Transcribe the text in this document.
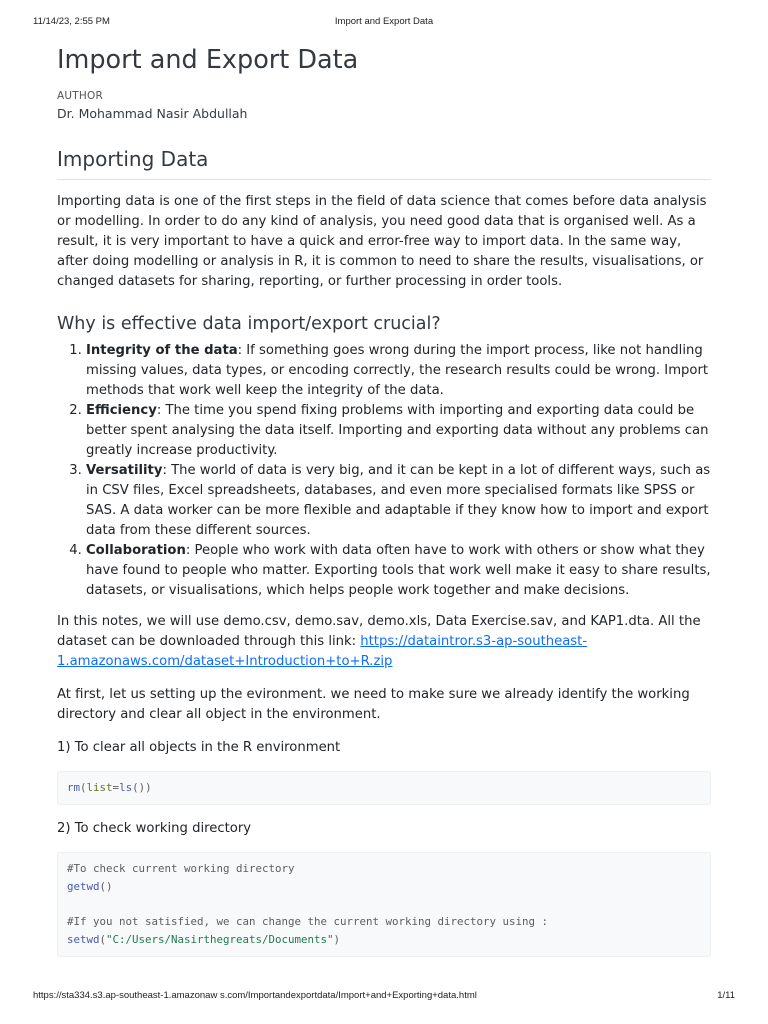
11/14/23, 2:55 PM	Import and Export Data
Import and Export Data
AUTHOR
Dr. Mohammad Nasir Abdullah
Importing Data

Importing data is one of the first steps in the field of data science that comes before data analysis or modelling. In order to do any kind of analysis, you need good data that is organised well. As a result, it is very important to have a quick and error-free way to import data. In the same way, after doing modelling or analysis in R, it is common to need to share the results, visualisations, or changed datasets for sharing, reporting, or further processing in order tools.

Why is effective data import/export crucial?
1. Integrity of the data: If something goes wrong during the import process, like not handling missing values, data types, or encoding correctly, the research results could be wrong. Import methods that work well keep the integrity of the data.
2. Efficiency: The time you spend fixing problems with importing and exporting data could be better spent analysing the data itself. Importing and exporting data without any problems can greatly increase productivity.
3. Versatility: The world of data is very big, and it can be kept in a lot of different ways, such as in CSV files, Excel spreadsheets, databases, and even more specialised formats like SPSS or SAS. A data worker can be more flexible and adaptable if they know how to import and export data from these different sources.
4. Collaboration: People who work with data often have to work with others or show what they have found to people who matter. Exporting tools that work well make it easy to share results, datasets, or visualisations, which helps people work together and make decisions.

In this notes, we will use demo.csv, demo.sav, demo.xls, Data Exercise.sav, and KAP1.dta. All the dataset can be downloaded through this link: https://dataintror.s3-ap-southeast-1.amazonaws.com/dataset+Introduction+to+R.zip

At first, let us setting up the evironment. we need to make sure we already identify the working directory and clear all object in the environment.

1) To clear all objects in the R environment

rm(list=ls())

2) To check working directory

#To check current working directory
getwd()
#If you not satisfied, we can change the current working directory using :
setwd("C:/Users/Nasirthegreats/Documents")
https://sta334.s3.ap-southeast-1.amazonaw s.com/Importandexportdata/Import+and+Exporting+data.html	1/11
